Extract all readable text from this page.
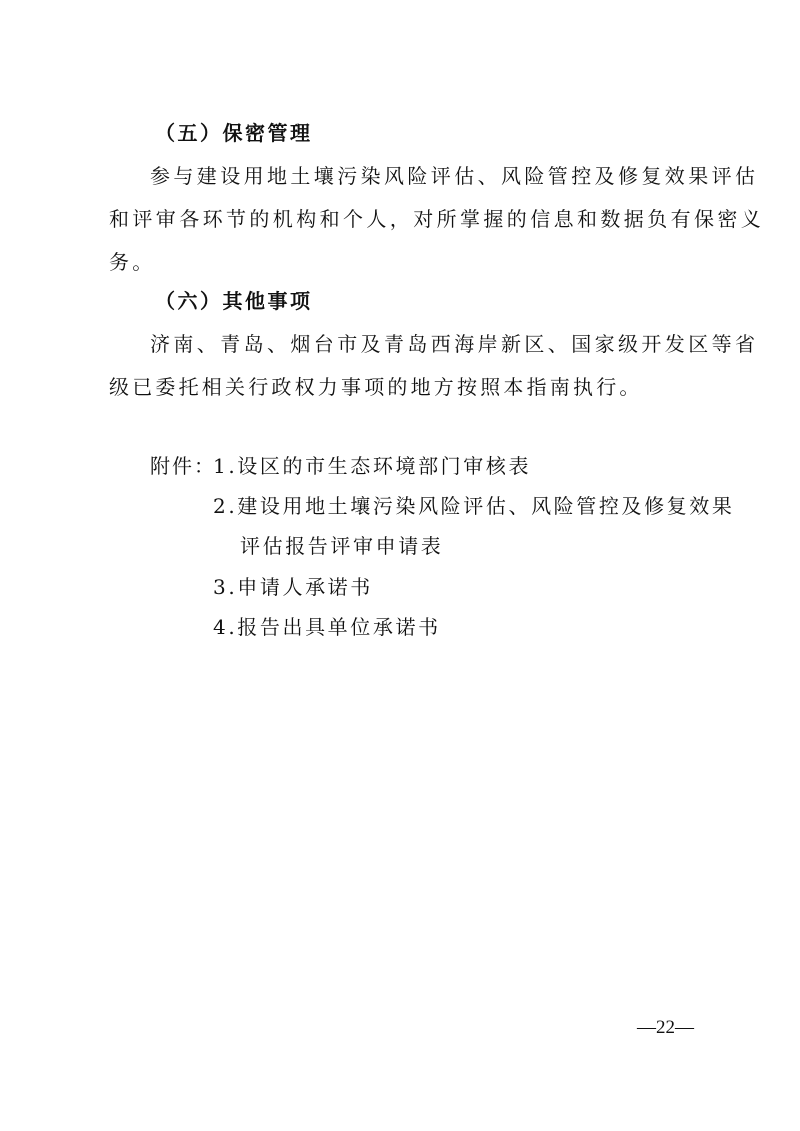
（五）保密管理
参与建设用地土壤污染风险评估、风险管控及修复效果评估
和评审各环节的机构和个人，对所掌握的信息和数据负有保密义
务。
（六）其他事项
济南、青岛、烟台市及青岛西海岸新区、国家级开发区等省
级已委托相关行政权力事项的地方按照本指南执行。
附件：
1.设区的市生态环境部门审核表
2.建设用地土壤污染风险评估、风险管控及修复效果
评估报告评审申请表
3.申请人承诺书
4.报告出具单位承诺书
—22—
